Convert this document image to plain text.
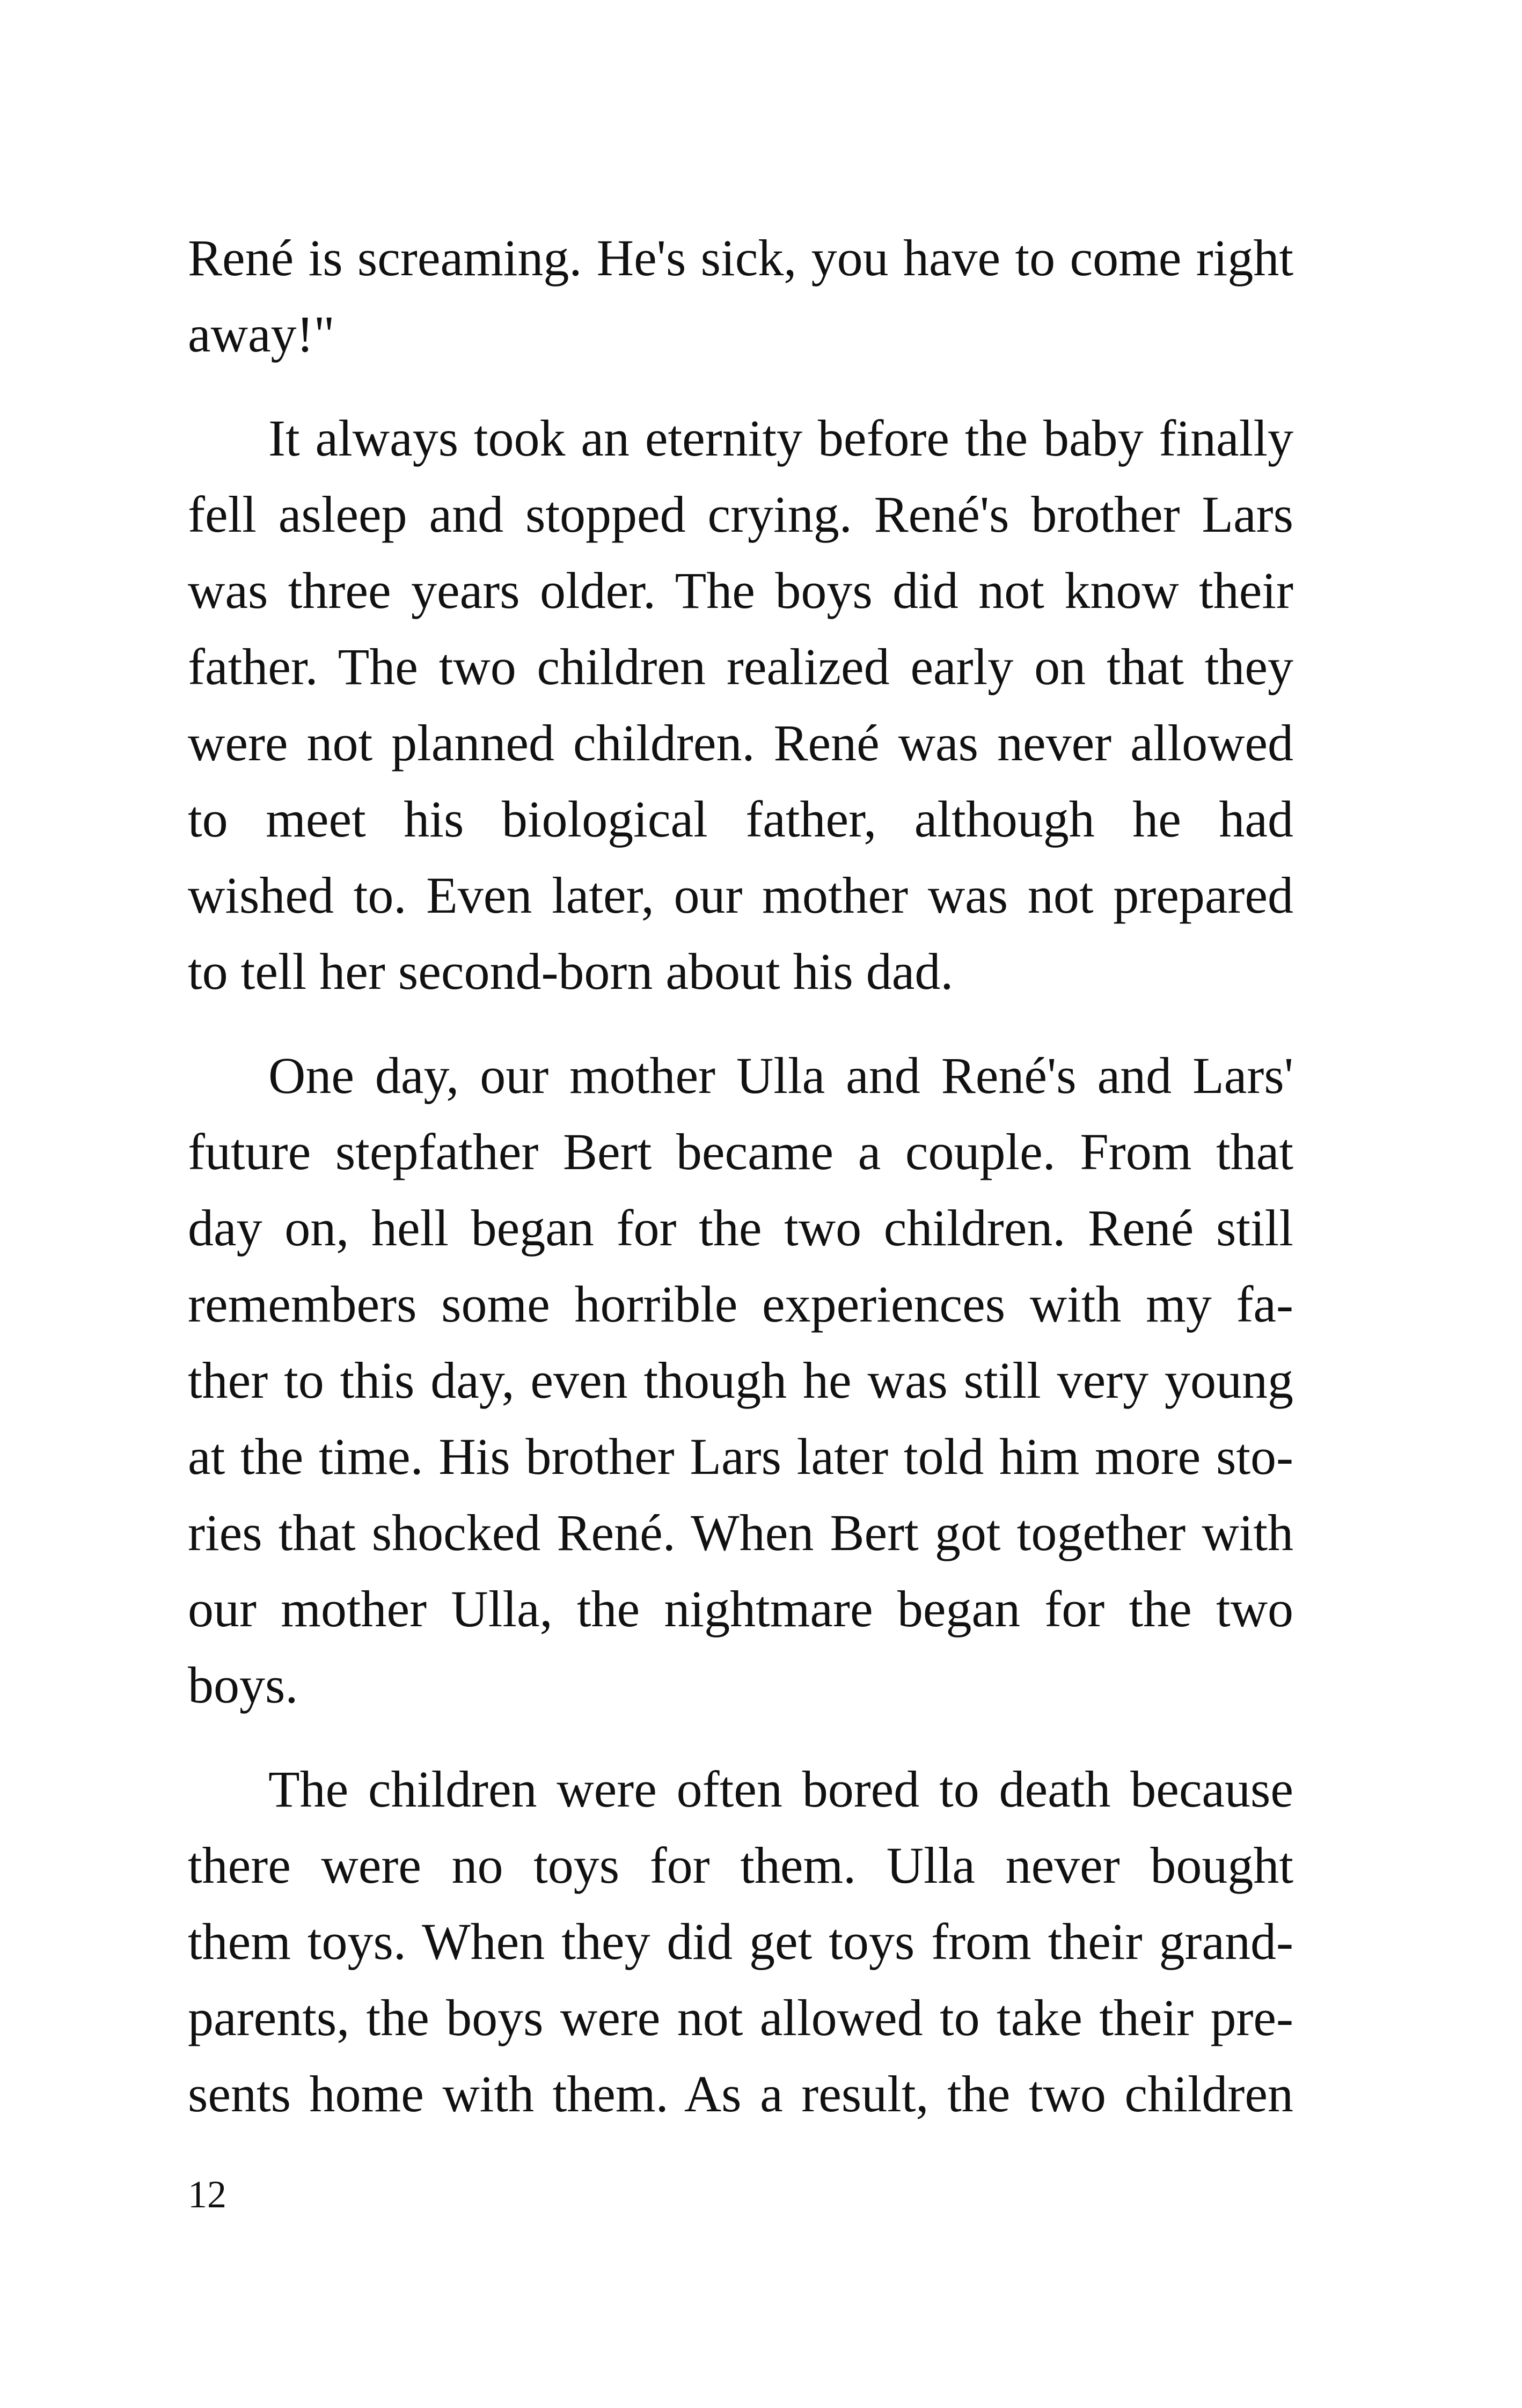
René is screaming. He's sick, you have to come right
away!"
It always took an eternity before the baby finally
fell asleep and stopped crying. René's brother Lars
was three years older. The boys did not know their
father. The two children realized early on that they
were not planned children. René was never allowed
to meet his biological father, although he had
wished to. Even later, our mother was not prepared
to tell her second-born about his dad.
One day, our mother Ulla and René's and Lars'
future stepfather Bert became a couple. From that
day on, hell began for the two children. René still
remembers some horrible experiences with my fa-
ther to this day, even though he was still very young
at the time. His brother Lars later told him more sto-
ries that shocked René. When Bert got together with
our mother Ulla, the nightmare began for the two
boys.
The children were often bored to death because
there were no toys for them. Ulla never bought
them toys. When they did get toys from their grand-
parents, the boys were not allowed to take their pre-
sents home with them. As a result, the two children
12
